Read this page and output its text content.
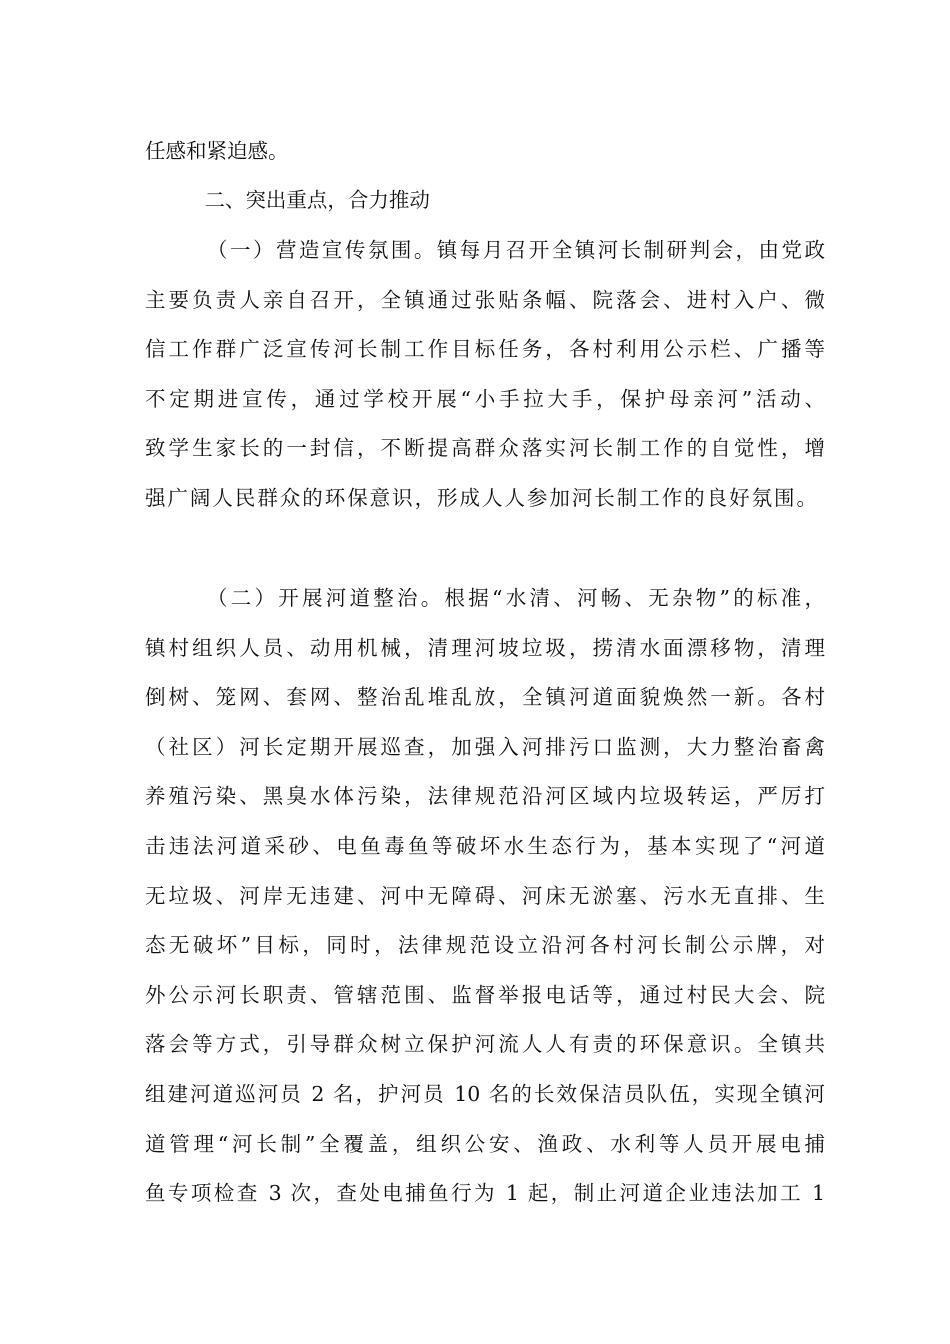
任感和紧迫感。

二、突出重点，合力推动

（一）营造宣传氛围。镇每月召开全镇河长制研判会，由党政
主要负责人亲自召开，全镇通过张贴条幅、院落会、进村入户、微
信工作群广泛宣传河长制工作目标任务，各村利用公示栏、广播等
不定期进宣传，通过学校开展“小手拉大手，保护母亲河”活动、
致学生家长的一封信，不断提高群众落实河长制工作的自觉性，增
强广阔人民群众的环保意识，形成人人参加河长制工作的良好氛围。
（二）开展河道整治。根据“水清、河畅、无杂物”的标准，
镇村组织人员、动用机械，清理河坡垃圾，捞清水面漂移物，清理
倒树、笼网、套网、整治乱堆乱放，全镇河道面貌焕然一新。各村
（社区）河长定期开展巡查，加强入河排污口监测，大力整治畜禽
养殖污染、黑臭水体污染，法律规范沿河区域内垃圾转运，严厉打
击违法河道采砂、电鱼毒鱼等破坏水生态行为，基本实现了“河道
无垃圾、河岸无违建、河中无障碍、河床无淤塞、污水无直排、生
态无破坏”目标，同时，法律规范设立沿河各村河长制公示牌，对
外公示河长职责、管辖范围、监督举报电话等，通过村民大会、院
落会等方式，引导群众树立保护河流人人有责的环保意识。全镇共
组建河道巡河员 2 名，护河员 10 名的长效保洁员队伍，实现全镇河
道管理“河长制”全覆盖，组织公安、渔政、水利等人员开展电捕
鱼专项检查 3 次，查处电捕鱼行为 1 起，制止河道企业违法加工 1
